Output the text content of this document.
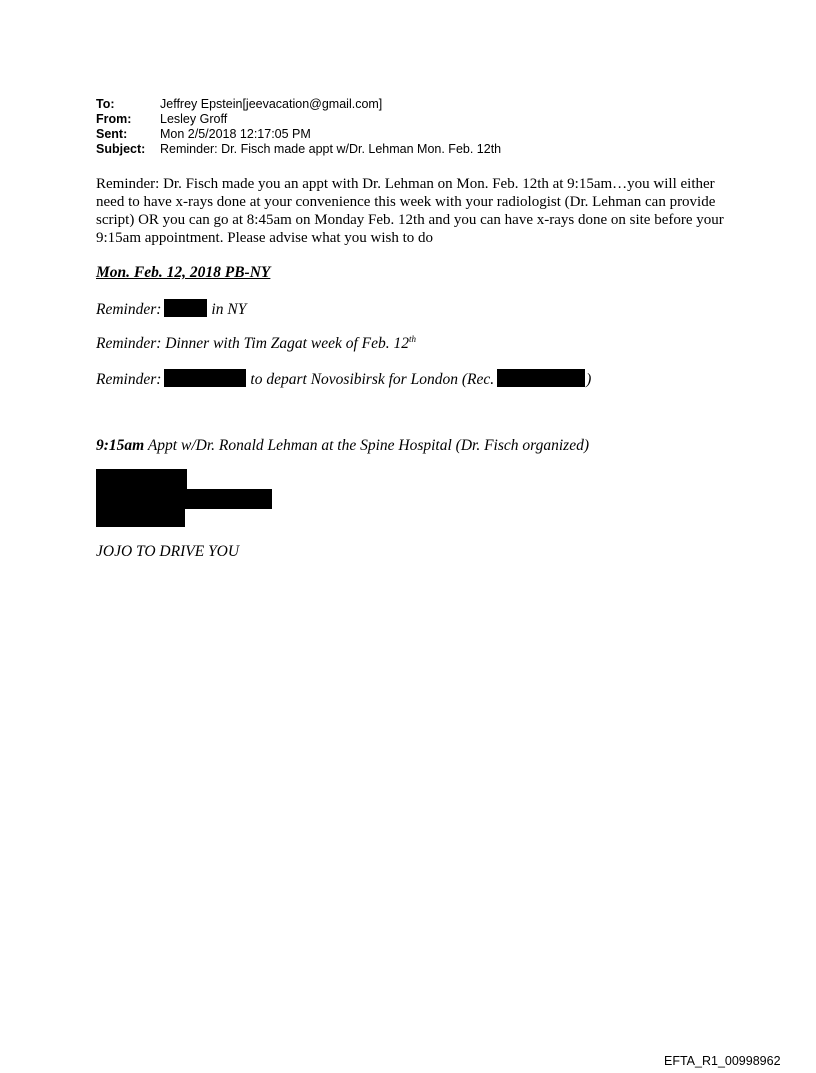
To:	Jeffrey Epstein[jeevacation@gmail.com]
From: Lesley Groff
Sent:	Mon 2/5/2018 12:17:05 PM
Subject: Reminder: Dr. Fisch made appt w/Dr. Lehman Mon. Feb. 12th
Reminder: Dr. Fisch made you an appt with Dr. Lehman on Mon. Feb. 12th at 9:15am…you will either need to have x-rays done at your convenience this week with your radiologist (Dr. Lehman can provide script) OR you can go at 8:45am on Monday Feb. 12th and you can have x-rays done on site before your 9:15am appointment. Please advise what you wish to do
Mon. Feb. 12, 2018 PB-NY
Reminder:	in NY
Reminder: Dinner with Tim Zagat week of Feb. 12th
Reminder:	to depart Novosibirsk for London (Rec.	)
9:15am Appt w/Dr. Ronald Lehman at the Spine Hospital (Dr. Fisch organized)
JOJO TO DRIVE YOU
EFTA_R1_00998962
